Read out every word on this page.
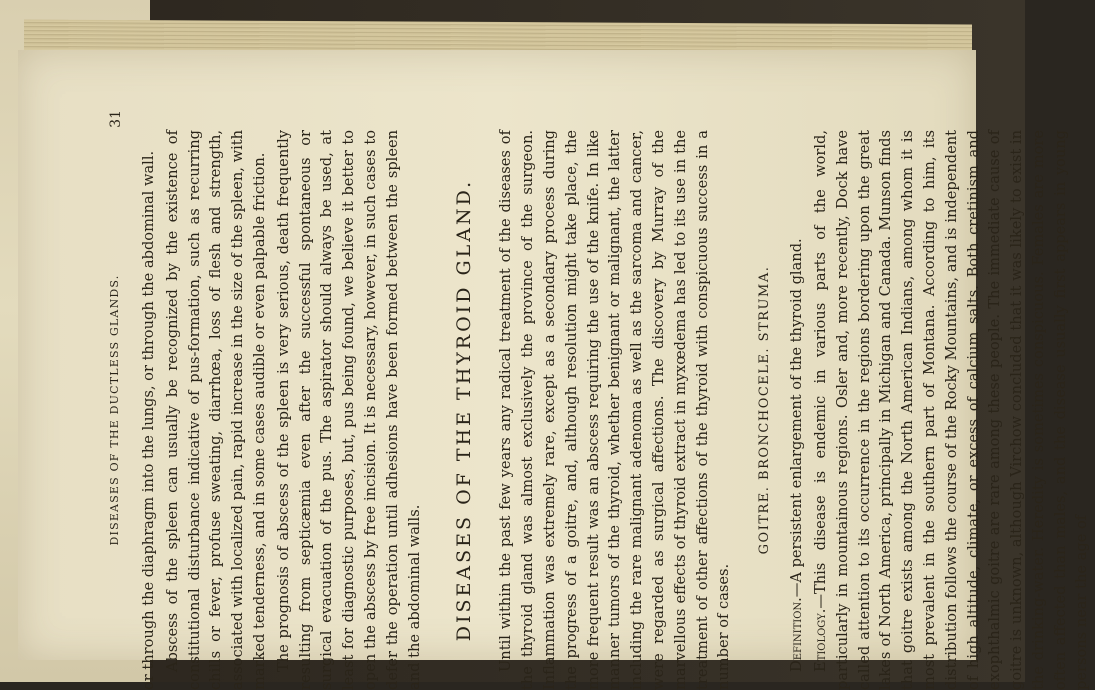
DISEASES OF THE DUCTLESS GLANDS.
31

or through the diaphragm into the lungs, or through the abdominal wall. Abscess of the spleen can usually be recognized by the existence of constitutional disturbance indicative of pus-formation, such as recurring chills or fever, profuse sweating, diarrhœa, loss of flesh and strength, associated with localized pain, rapid increase in the size of the spleen, with marked tenderness, and in some cases audible or even palpable friction. The prognosis of abscess of the spleen is very serious, death frequently resulting from septicæmia even after the successful spontaneous or surgical evacuation of the pus. The aspirator should always be used, at least for diagnostic purposes, but, pus being found, we believe it better to open the abscess by free incision. It is necessary, however, in such cases to defer the operation until adhesions have been formed between the spleen and the abdominal walls. DISEASES OF THE THYROID GLAND. Until within the past few years any radical treatment of the diseases of the thyroid gland was almost exclusively the province of the surgeon. Inflammation was extremely rare, except as a secondary process during the progress of a goitre, and, although resolution might take place, the more frequent result was an abscess requiring the use of the knife. In like manner tumors of the thyroid, whether benignant or malignant, the latter including the rare malignant adenoma as well as the sarcoma and cancer, were regarded as surgical affections. The discovery by Murray of the marvellous effects of thyroid extract in myxœdema has led to its use in the treatment of other affections of the thyroid with conspicuous success in a number of cases.

GOITRE. BRONCHOCELE. STRUMA.

Definition.—A persistent enlargement of the thyroid gland.

Etiology.—This disease is endemic in various parts of the world, particularly in mountainous regions. Osler and, more recently, Dock have called attention to its occurrence in the regions bordering upon the great lakes of North America, principally in Michigan and Canada. Munson finds that goitre exists among the North American Indians, among whom it is most prevalent in the southern part of Montana. According to him, its distribution follows the course of the Rocky Mountains, and is independent of high altitude, climate, or excess of calcium salts. Both cretinism and exophthalmic goitre are rare among these people. The immediate cause of goitre is unknown, although Virchow concluded that it was likely to exist in the drinking-water. Heredity is sometimes conspicuous. Females are more often affected than males, and the disease usually first appears in young persons near the age of
